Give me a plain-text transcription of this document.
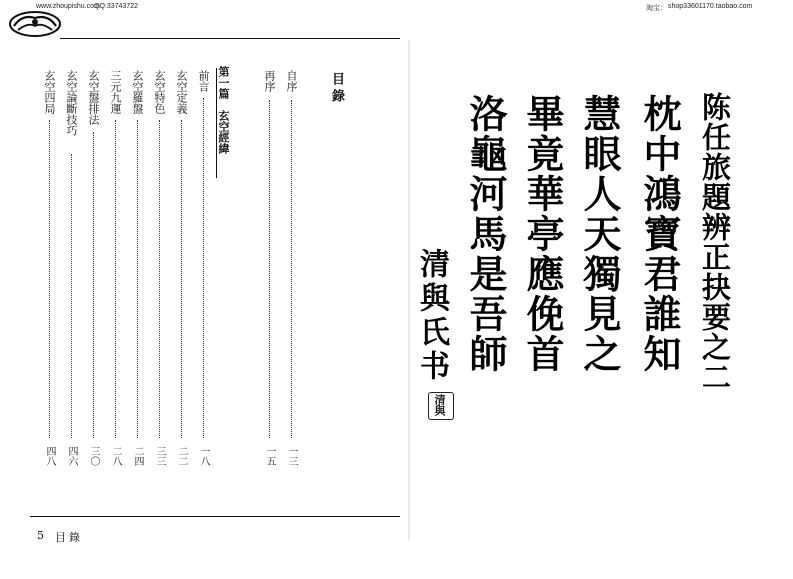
www.zhoupishu.com
QQ:33743722	淘宝： shop33601170.taobao.com
目錄
自序
一三
再序
一五
第一篇　玄空經緯
前言
一八
玄空定義
二二
玄空特色
三三
玄空羅盤
二四
三元九運
二八
玄空盤排法
三〇
玄空論斷技巧
四六
玄空四局
四八
5 目錄
陈任旅題辨正抉要之二
枕中鴻寶君誰知
慧眼人天獨見之
畢竟華亭應俛首
洛龜河馬是吾師
清與氏书
清與
